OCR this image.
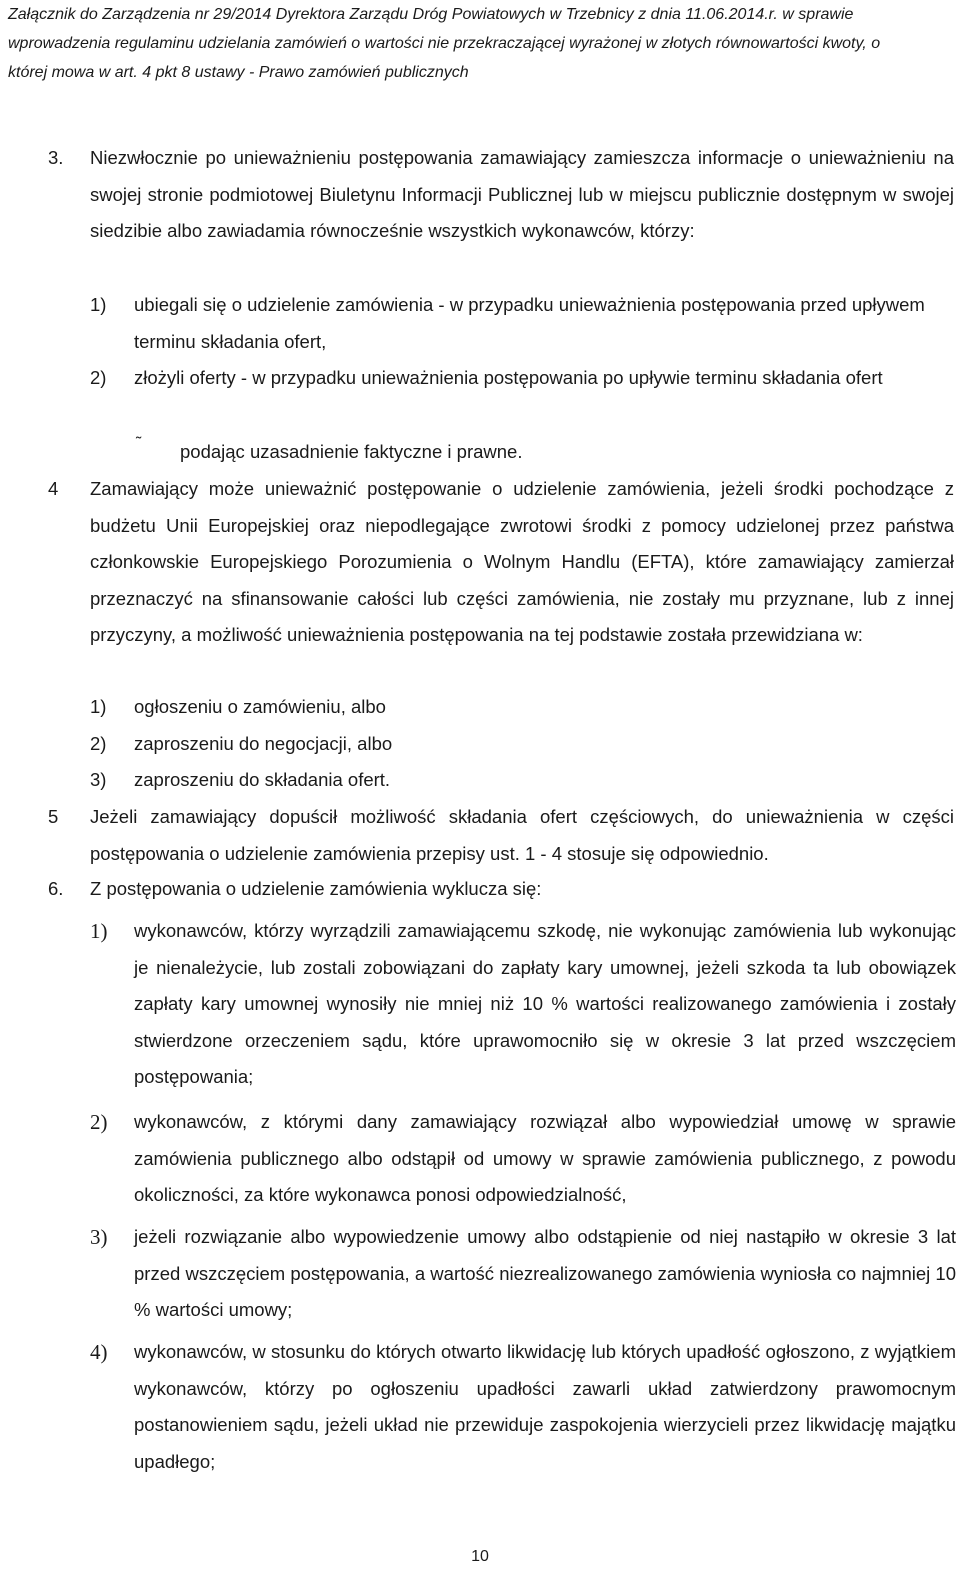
Załącznik do Zarządzenia nr 29/2014 Dyrektora Zarządu Dróg Powiatowych w Trzebnicy z dnia 11.06.2014.r. w sprawie
wprowadzenia regulaminu udzielania zamówień o wartości nie przekraczającej wyrażonej w złotych równowartości kwoty, o
której mowa w art. 4 pkt 8 ustawy - Prawo zamówień publicznych
3. Niezwłocznie po unieważnieniu postępowania zamawiający zamieszcza informacje o unieważnieniu na swojej stronie podmiotowej Biuletynu Informacji Publicznej lub w miejscu publicznie dostępnym w swojej siedzibie albo zawiadamia równocześnie wszystkich wykonawców, którzy:
1) ubiegali się o udzielenie zamówienia - w przypadku unieważnienia postępowania przed upływem terminu składania ofert,
2) złożyli oferty - w przypadku unieważnienia postępowania po upływie terminu składania ofert
˜ podając uzasadnienie faktyczne i prawne.
4 Zamawiający może unieważnić postępowanie o udzielenie zamówienia, jeżeli środki pochodzące z budżetu Unii Europejskiej oraz niepodlegające zwrotowi środki z pomocy udzielonej przez państwa członkowskie Europejskiego Porozumienia o Wolnym Handlu (EFTA), które zamawiający zamierzał przeznaczyć na sfinansowanie całości lub części zamówienia, nie zostały mu przyznane, lub z innej przyczyny, a możliwość unieważnienia postępowania na tej podstawie została przewidziana w:
1) ogłoszeniu o zamówieniu, albo
2) zaproszeniu do negocjacji, albo
3) zaproszeniu do składania ofert.
5 Jeżeli zamawiający dopuścił możliwość składania ofert częściowych, do unieważnienia w części postępowania o udzielenie zamówienia przepisy ust. 1 - 4 stosuje się odpowiednio.
6. Z postępowania o udzielenie zamówienia wyklucza się:
1) wykonawców, którzy wyrządzili zamawiającemu szkodę, nie wykonując zamówienia lub wykonując je nienależycie, lub zostali zobowiązani do zapłaty kary umownej, jeżeli szkoda ta lub obowiązek zapłaty kary umownej wynosiły nie mniej niż 10 % wartości realizowanego zamówienia i zostały stwierdzone orzeczeniem sądu, które uprawomocniło się w okresie 3 lat przed wszczęciem postępowania;
2) wykonawców, z którymi dany zamawiający rozwiązał albo wypowiedział umowę w sprawie zamówienia publicznego albo odstąpił od umowy w sprawie zamówienia publicznego, z powodu okoliczności, za które wykonawca ponosi odpowiedzialność,
3) jeżeli rozwiązanie albo wypowiedzenie umowy albo odstąpienie od niej nastąpiło w okresie 3 lat przed wszczęciem postępowania, a wartość niezrealizowanego zamówienia wyniosła co najmniej 10 % wartości umowy;
4) wykonawców, w stosunku do których otwarto likwidację lub których upadłość ogłoszono, z wyjątkiem wykonawców, którzy po ogłoszeniu upadłości zawarli układ zatwierdzony prawomocnym postanowieniem sądu, jeżeli układ nie przewiduje zaspokojenia wierzycieli przez likwidację majątku upadłego;
10
